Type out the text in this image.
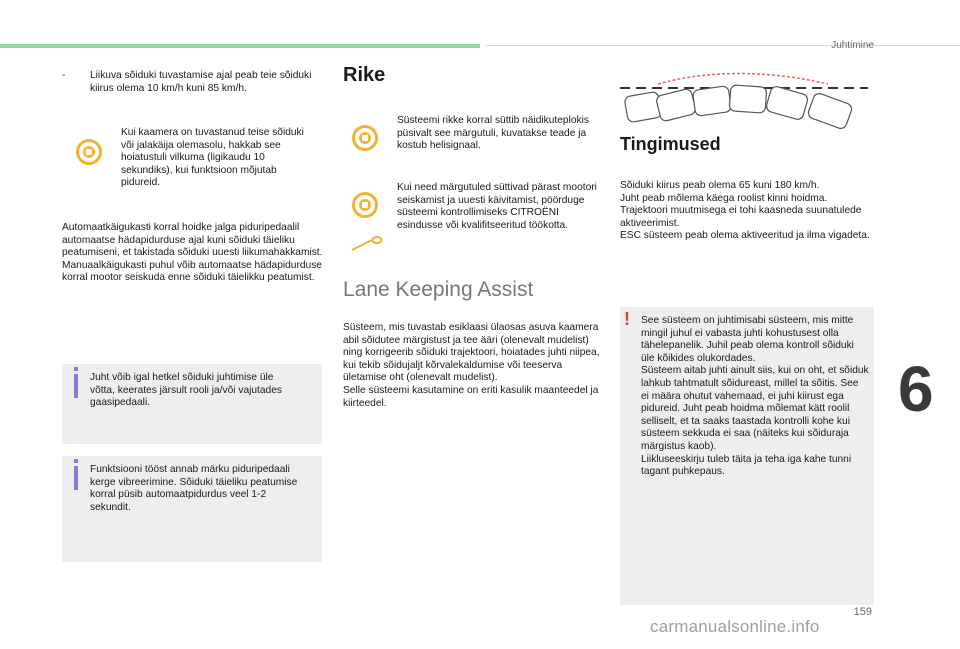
Juhtimine
- Liikuva sõiduki tuvastamise ajal peab teie sõiduki kiirus olema 10 km/h kuni 85 km/h.
Kui kaamera on tuvastanud teise sõiduki või jalakäija olemasolu, hakkab see hoiatustuli vilkuma (ligikaudu 10 sekundiks), kui funktsioon mõjutab pidureid.
Automaatkäigukasti korral hoidke jalga piduripedaalil automaatse hädapidurduse ajal kuni sõiduki täieliku peatumiseni, et takistada sõiduki uuesti liikumahakkamist. Manuaalkäigukasti puhul võib automaatse hädapidurduse korral mootor seiskuda enne sõiduki täielikku peatumist.
Juht võib igal hetkel sõiduki juhtimise üle võtta, keerates järsult rooli ja/või vajutades gaasipedaali.
Funktsiooni tööst annab märku piduripedaali kerge vibreerimine. Sõiduki täieliku peatumise korral püsib automaatpidurdus veel 1-2 sekundit.
Rike
Süsteemi rikke korral süttib näidikuteplokis püsivalt see märgutuli, kuvatakse teade ja kostub helisignaal.
Kui need märgutuled süttivad pärast mootori seiskamist ja uuesti käivitamist, pöörduge süsteemi kontrollimiseks CITROËNI esindusse või kvalifitseeritud töökotta.
Lane Keeping Assist
Süsteem, mis tuvastab esiklaasi ülaosas asuva kaamera abil sõidutee märgistust ja tee ääri (olenevalt mudelist) ning korrigeerib sõiduki trajektoori, hoiatades juhti niipea, kui tekib sõidujaljt kõrvalekaldumise või teeserva ületamise oht (olenevalt mudelist).
Selle süsteemi kasutamine on eriti kasulik maanteedel ja kiirteedel.
Tingimused
Sõiduki kiirus peab olema 65 kuni 180 km/h.
Juht peab mõlema käega roolist kinni hoidma.
Trajektoori muutmisega ei tohi kaasneda suunatulede aktiveerimist.
ESC süsteem peab olema aktiveeritud ja ilma vigadeta.
! See süsteem on juhtimisabi süsteem, mis mitte mingil juhul ei vabasta juhti kohustusest olla tähelepanelik. Juhil peab olema kontroll sõiduki üle kõikides olukordades.
Süsteem aitab juhti ainult siis, kui on oht, et sõiduk lahkub tahtmatult sõidureast, millel ta sõitis. See ei määra ohutut vahemaad, ei juhi kiirust ega pidureid. Juht peab hoidma mõlemat kätt roolil selliselt, et ta saaks taastada kontrolli kohe kui süsteem sekkuda ei saa (näiteks kui sõiduraja märgistus kaob).
Liikluseeskirju tuleb täita ja teha iga kahe tunni tagant puhkepaus.
6
159
carmanualsonline.info
